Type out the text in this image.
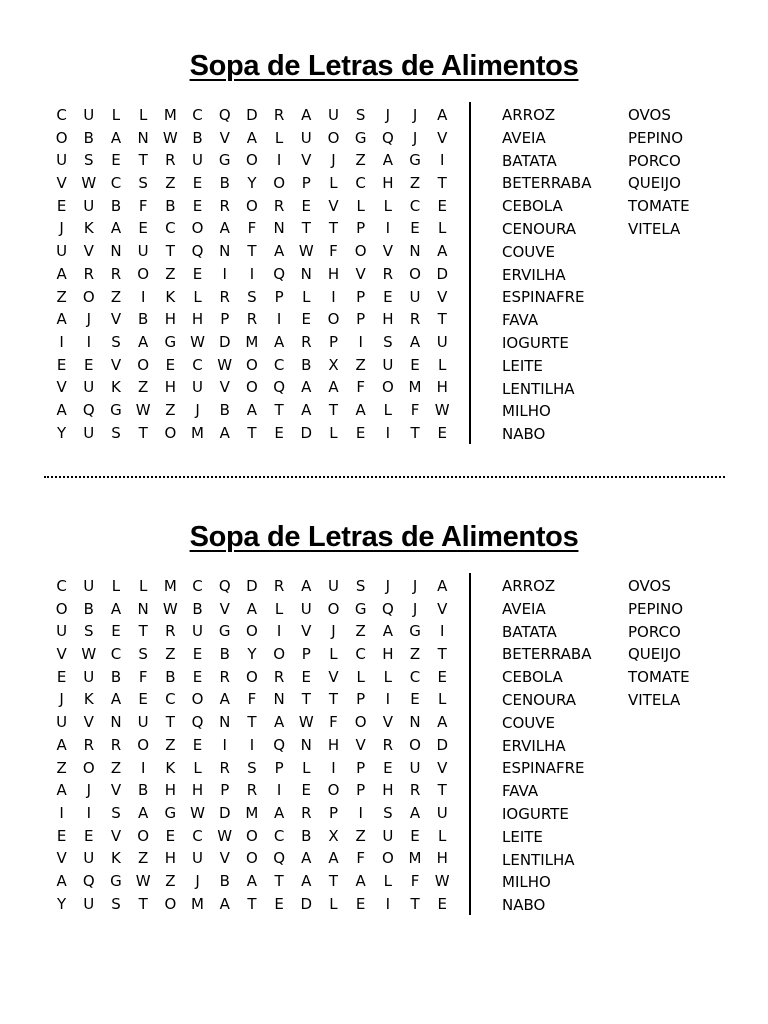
Sopa de Letras de Alimentos
C	U	L	L	M	C	Q	D	R	A	U	S	J	J	A
O	B	A	N W B	V	A	L	U	O	G	Q	J	V
U	S	E	T	R	U	G	O	I	V	J	Z	A	G	I
V W C	S	Z	E	B	Y	O	P	L	C	H	Z	T
E	U	B	F	B	E	R	O	R	E	V	L	L	C	E
J	K	A	E	C	O	A	F	N	T	T	P	I	E	L
U	V	N	U	T	Q	N	T	A W	F	O	V	N	A
A	R	R	O	Z	E	I	I	Q	N	H	V	R	O	D
Z	O	Z	I	K	L	R	S	P	L	I	P	E	U	V
A	J	V	B	H	H	P	R	I	E	O	P	H	R	T
I	I	S	A	G W D M	A	R	P	I	S	A	U
E	E	V	O	E	C W O	C	B	X	Z	U	E	L
V	U	K	Z	H	U	V	O	Q	A	A	F	O M	H
A	Q	G W Z	J	B	A	T	A	T	A	L	F	W
Y	U	S	T	O M	A	T	E	D	L	E	I	T	E
ARROZ
AVEIA
BATATA
BETERRABA
CEBOLA
CENOURA
COUVE
ERVILHA
ESPINAFRE
FAVA
IOGURTE
LEITE
LENTILHA
MILHO
NABO
OVOS
PEPINO
PORCO
QUEIJO
TOMATE
VITELA
Sopa de Letras de Alimentos
C	U	L	L	M	C	Q	D	R	A	U	S	J	J	A
O	B	A	N W B	V	A	L	U	O	G	Q	J	V
U	S	E	T	R	U	G	O	I	V	J	Z	A	G	I
V W C	S	Z	E	B	Y	O	P	L	C	H	Z	T
E	U	B	F	B	E	R	O	R	E	V	L	L	C	E
J	K	A	E	C	O	A	F	N	T	T	P	I	E	L
U	V	N	U	T	Q	N	T	A W	F	O	V	N	A
A	R	R	O	Z	E	I	I	Q	N	H	V	R	O	D
Z	O	Z	I	K	L	R	S	P	L	I	P	E	U	V
A	J	V	B	H	H	P	R	I	E	O	P	H	R	T
I	I	S	A	G W D M	A	R	P	I	S	A	U
E	E	V	O	E	C W O	C	B	X	Z	U	E	L
V	U	K	Z	H	U	V	O	Q	A	A	F	O M	H
A	Q	G W Z	J	B	A	T	A	T	A	L	F	W
Y	U	S	T	O M	A	T	E	D	L	E	I	T	E
ARROZ
AVEIA
BATATA
BETERRABA
CEBOLA
CENOURA
COUVE
ERVILHA
ESPINAFRE
FAVA
IOGURTE
LEITE
LENTILHA
MILHO
NABO
OVOS
PEPINO
PORCO
QUEIJO
TOMATE
VITELA
